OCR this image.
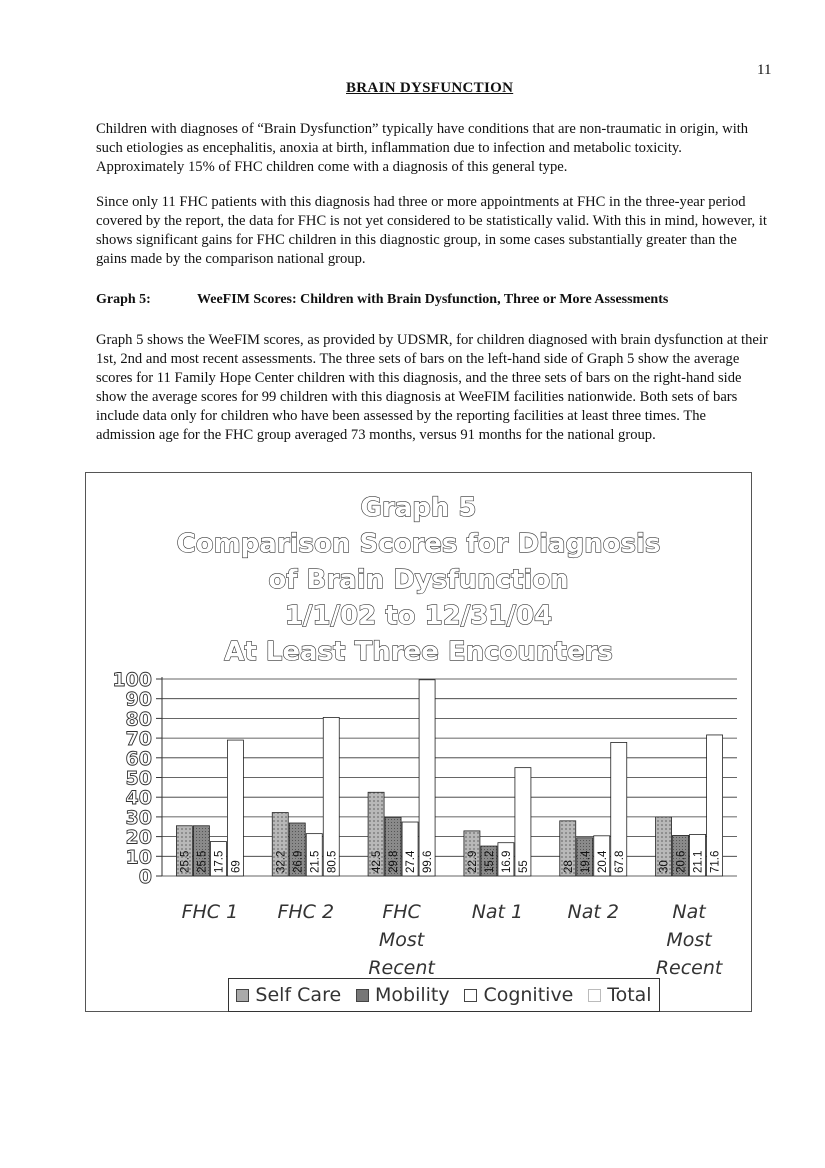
11
BRAIN DYSFUNCTION

Children with diagnoses of “Brain Dysfunction” typically have conditions that are non-traumatic in origin, with such etiologies as encephalitis, anoxia at birth, inflammation due to infection and metabolic toxicity. Approximately 15% of FHC children come with a diagnosis of this general type.

Since only 11 FHC patients with this diagnosis had three or more appointments at FHC in the three-year period covered by the report, the data for FHC is not yet considered to be statistically valid. With this in mind, however, it shows significant gains for FHC children in this diagnostic group, in some cases substantially greater than the gains made by the comparison national group.

Graph 5:	WeeFIM Scores: Children with Brain Dysfunction, Three or More Assessments

Graph 5 shows the WeeFIM scores, as provided by UDSMR, for children diagnosed with brain dysfunction at their 1st, 2nd and most recent assessments. The three sets of bars on the left-hand side of Graph 5 show the average scores for 11 Family Hope Center children with this diagnosis, and the three sets of bars on the right-hand side show the average scores for 99 children with this diagnosis at WeeFIM facilities nationwide. Both sets of bars include data only for children who have been assessed by the reporting facilities at least three times. The admission age for the FHC group averaged 73 months, versus 91 months for the national group.

Graph 5
Comparison Scores for Diagnosis
of Brain Dysfunction
1/1/02 to 12/31/04
At Least Three Encounters
0
10
20
30
40
50
60
70
80
90
100
25.5 25.5 17.5 69
FHC 1
32.2 26.9 21.5 80.5
FHC 2
42.5 29.8 27.4 99.6
FHC
Most
Recent
22.9 15.2 16.9 55
Nat 1
28 19.4 20.4 67.8
Nat 2
30 20.6 21.1 71.6
Nat
Most
Recent
Self Care Mobility Cognitive Total
